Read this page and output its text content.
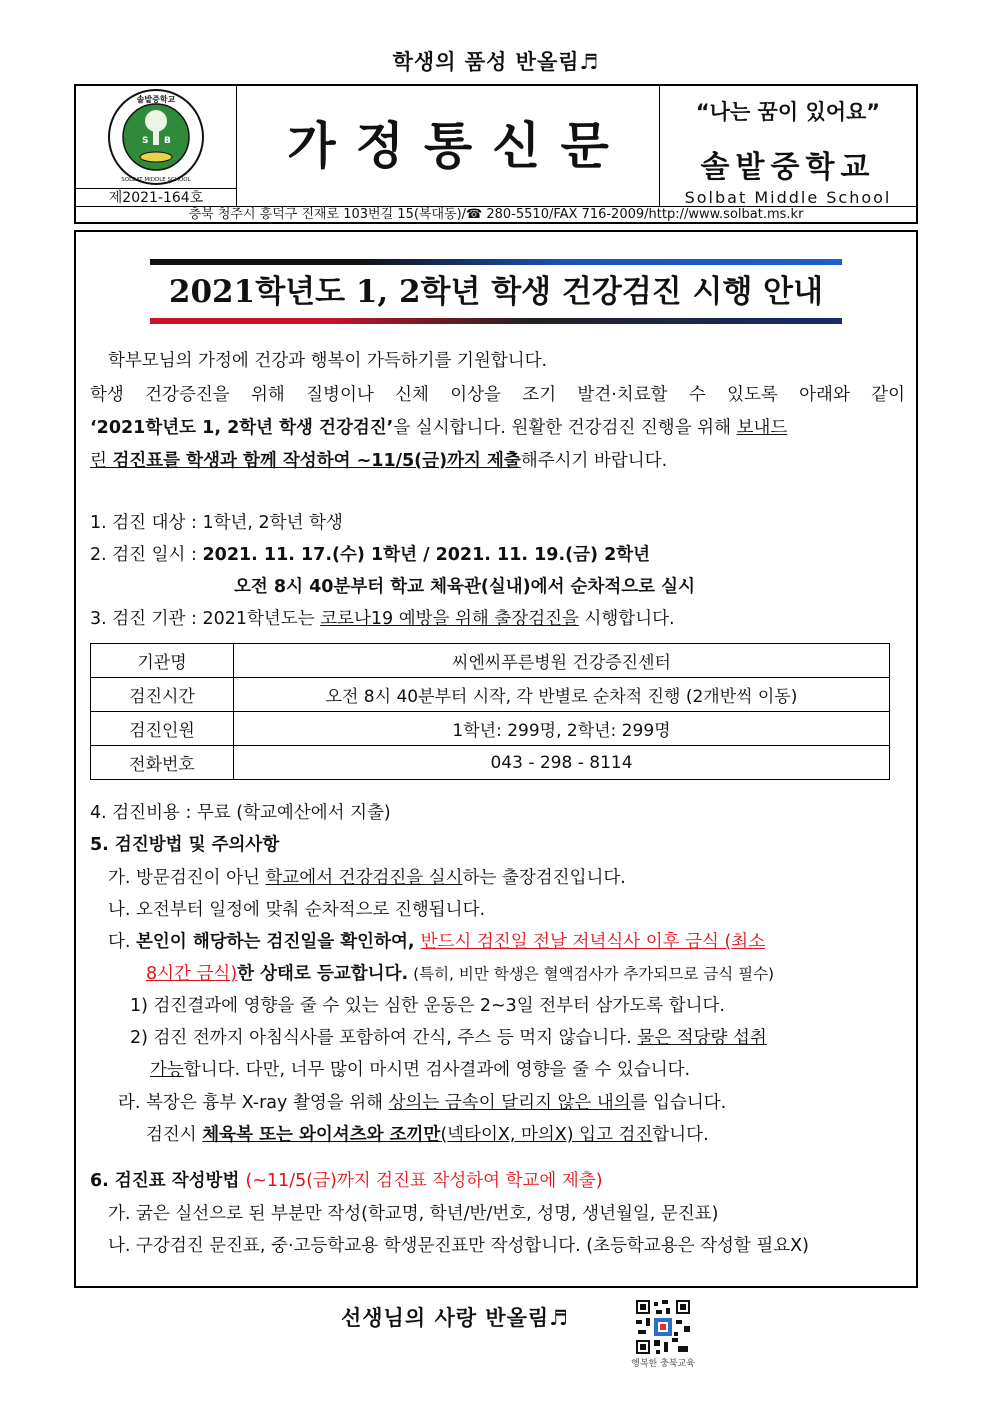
학생의 품성 반올림♬
S B
솔밭중학교
SOLBAT MIDDLE SCHOOL
제2021-164호
가정통신문
“나는 꿈이 있어요”
솔밭중학교
Solbat Middle School
충북 청주시 흥덕구 진재로 103번길 15(복대동)/☎ 280-5510/FAX 716-2009/http://www.solbat.ms.kr
2021학년도 1, 2학년 학생 건강검진 시행 안내
학부모님의 가정에 건강과 행복이 가득하기를 기원합니다.
학생 건강증진을 위해 질병이나 신체 이상을 조기 발견·치료할 수 있도록 아래와 같이
‘2021학년도 1, 2학년 학생 건강검진’을 실시합니다. 원활한 건강검진 진행을 위해 보내드
린 검진표를 학생과 함께 작성하여 ~11/5(금)까지 제출해주시기 바랍니다.
1. 검진 대상 : 1학년, 2학년 학생
2. 검진 일시 : 2021. 11. 17.(수) 1학년 / 2021. 11. 19.(금) 2학년
오전 8시 40분부터 학교 체육관(실내)에서 순차적으로 실시
3. 검진 기관 : 2021학년도는 코로나19 예방을 위해 출장검진을 시행합니다.
기관명	씨엔씨푸른병원 건강증진센터
검진시간	오전 8시 40분부터 시작, 각 반별로 순차적 진행 (2개반씩 이동)
검진인원	1학년: 299명, 2학년: 299명
전화번호	043 - 298 - 8114
4. 검진비용 : 무료 (학교예산에서 지출)
5. 검진방법 및 주의사항
가. 방문검진이 아닌 학교에서 건강검진을 실시하는 출장검진입니다.
나. 오전부터 일정에 맞춰 순차적으로 진행됩니다.
다. 본인이 해당하는 검진일을 확인하여, 반드시 검진일 전날 저녁식사 이후 금식 (최소
8시간 금식)한 상태로 등교합니다. (특히, 비만 학생은 혈액검사가 추가되므로 금식 필수)
1) 검진결과에 영향을 줄 수 있는 심한 운동은 2~3일 전부터 삼가도록 합니다.
2) 검진 전까지 아침식사를 포함하여 간식, 주스 등 먹지 않습니다. 물은 적당량 섭취
가능합니다. 다만, 너무 많이 마시면 검사결과에 영향을 줄 수 있습니다.
라. 복장은 흉부 X-ray 촬영을 위해 상의는 금속이 달리지 않은 내의를 입습니다.
검진시 체육복 또는 와이셔츠와 조끼만(넥타이X, 마의X) 입고 검진합니다.
6. 검진표 작성방법 (~11/5(금)까지 검진표 작성하여 학교에 제출)
가. 굵은 실선으로 된 부분만 작성(학교명, 학년/반/번호, 성명, 생년월일, 문진표)
나. 구강검진 문진표, 중·고등학교용 학생문진표만 작성합니다. (초등학교용은 작성할 필요X)
선생님의 사랑 반올림♬
행복한 충북교육
